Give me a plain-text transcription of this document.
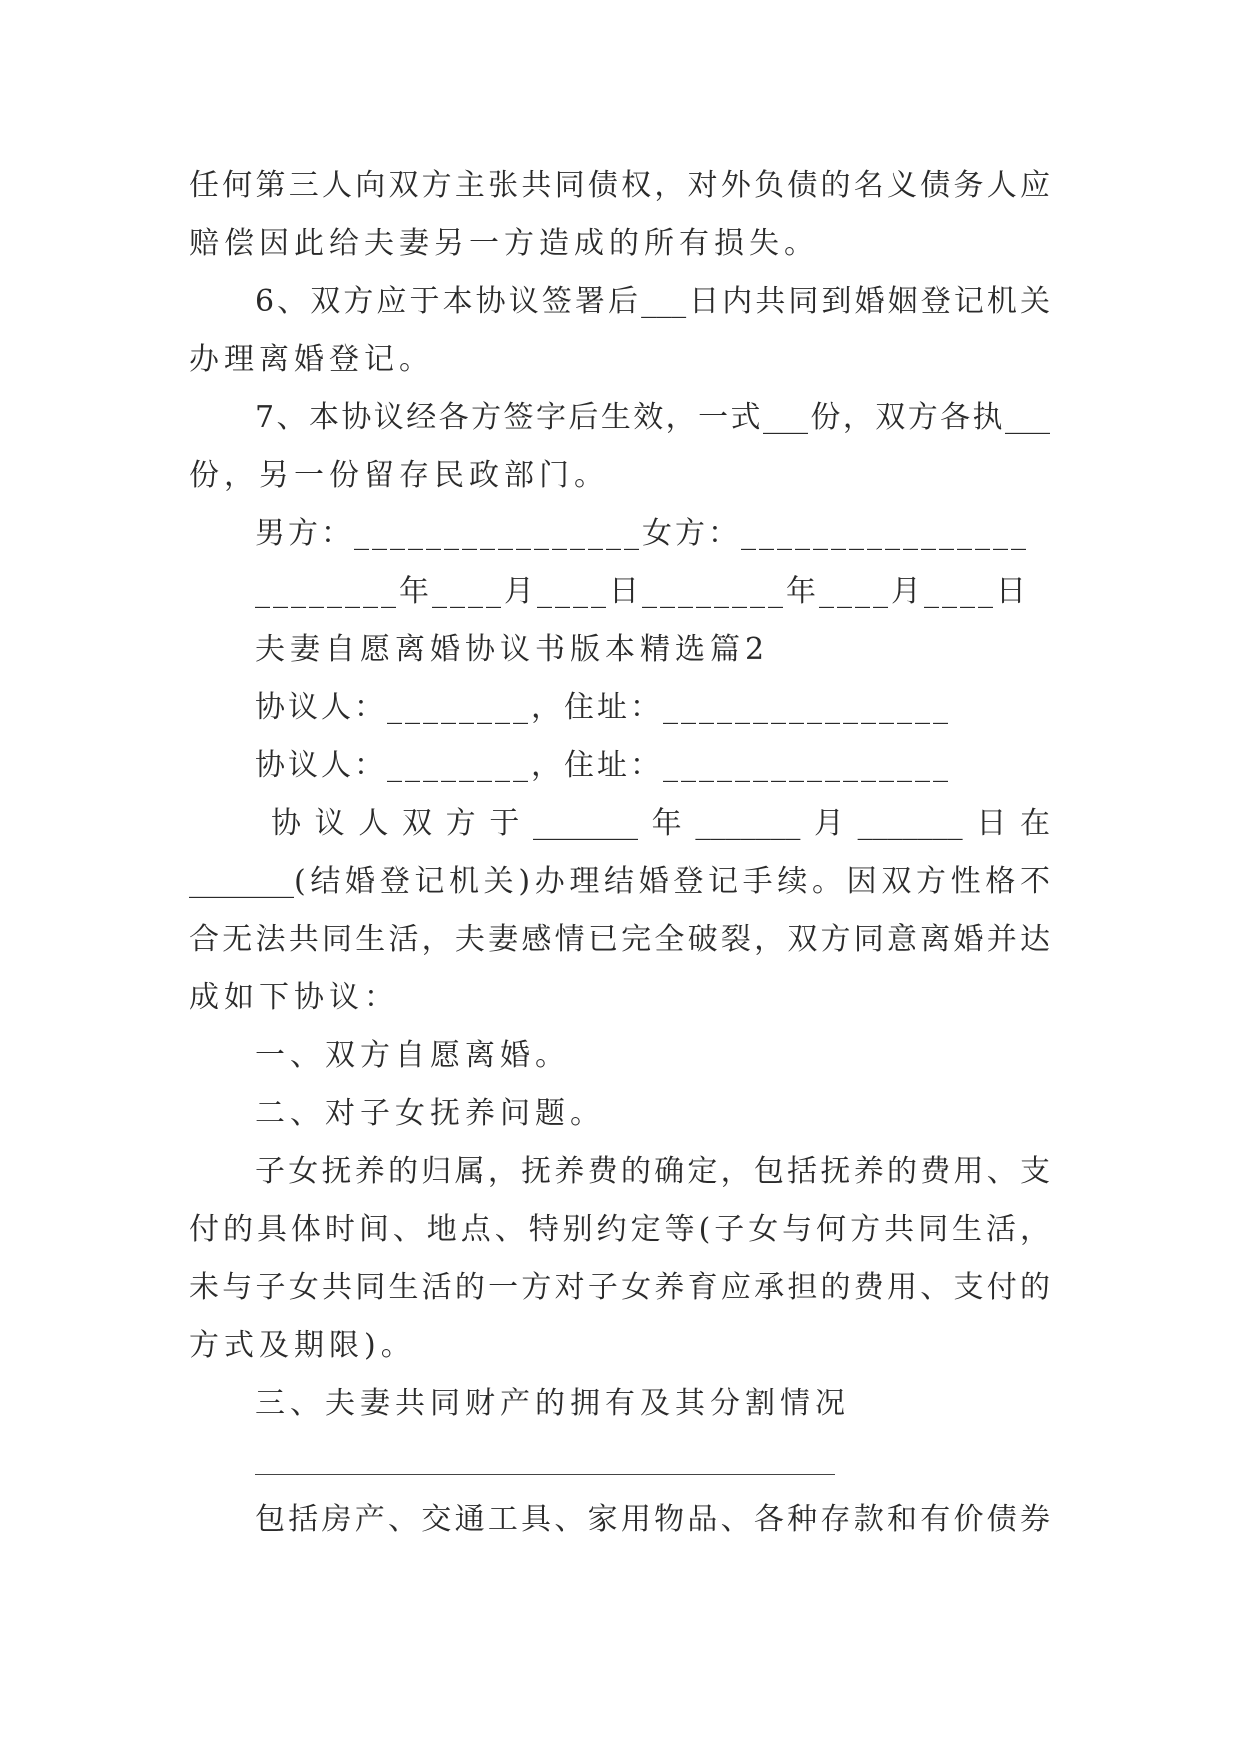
任何第三人向双方主张共同债权，对外负债的名义债务人应
赔偿因此给夫妻另一方造成的所有损失。
6、双方应于本协议签署后___日内共同到婚姻登记机关
办理离婚登记。
7、本协议经各方签字后生效，一式___份，双方各执___
份，另一份留存民政部门。
男方：________________女方：________________
________年____月____日________年____月____日
夫妻自愿离婚协议书版本精选篇2
协议人：________，住址：________________
协议人：________，住址：________________
协议人双方于_______年_______月_______日在
_______(结婚登记机关)办理结婚登记手续。因双方性格不
合无法共同生活，夫妻感情已完全破裂，双方同意离婚并达
成如下协议：
一、双方自愿离婚。
二、对子女抚养问题。
子女抚养的归属，抚养费的确定，包括抚养的费用、支
付的具体时间、地点、特别约定等(子女与何方共同生活，
未与子女共同生活的一方对子女养育应承担的费用、支付的
方式及期限)。
三、夫妻共同财产的拥有及其分割情况
包括房产、交通工具、家用物品、各种存款和有价债券
